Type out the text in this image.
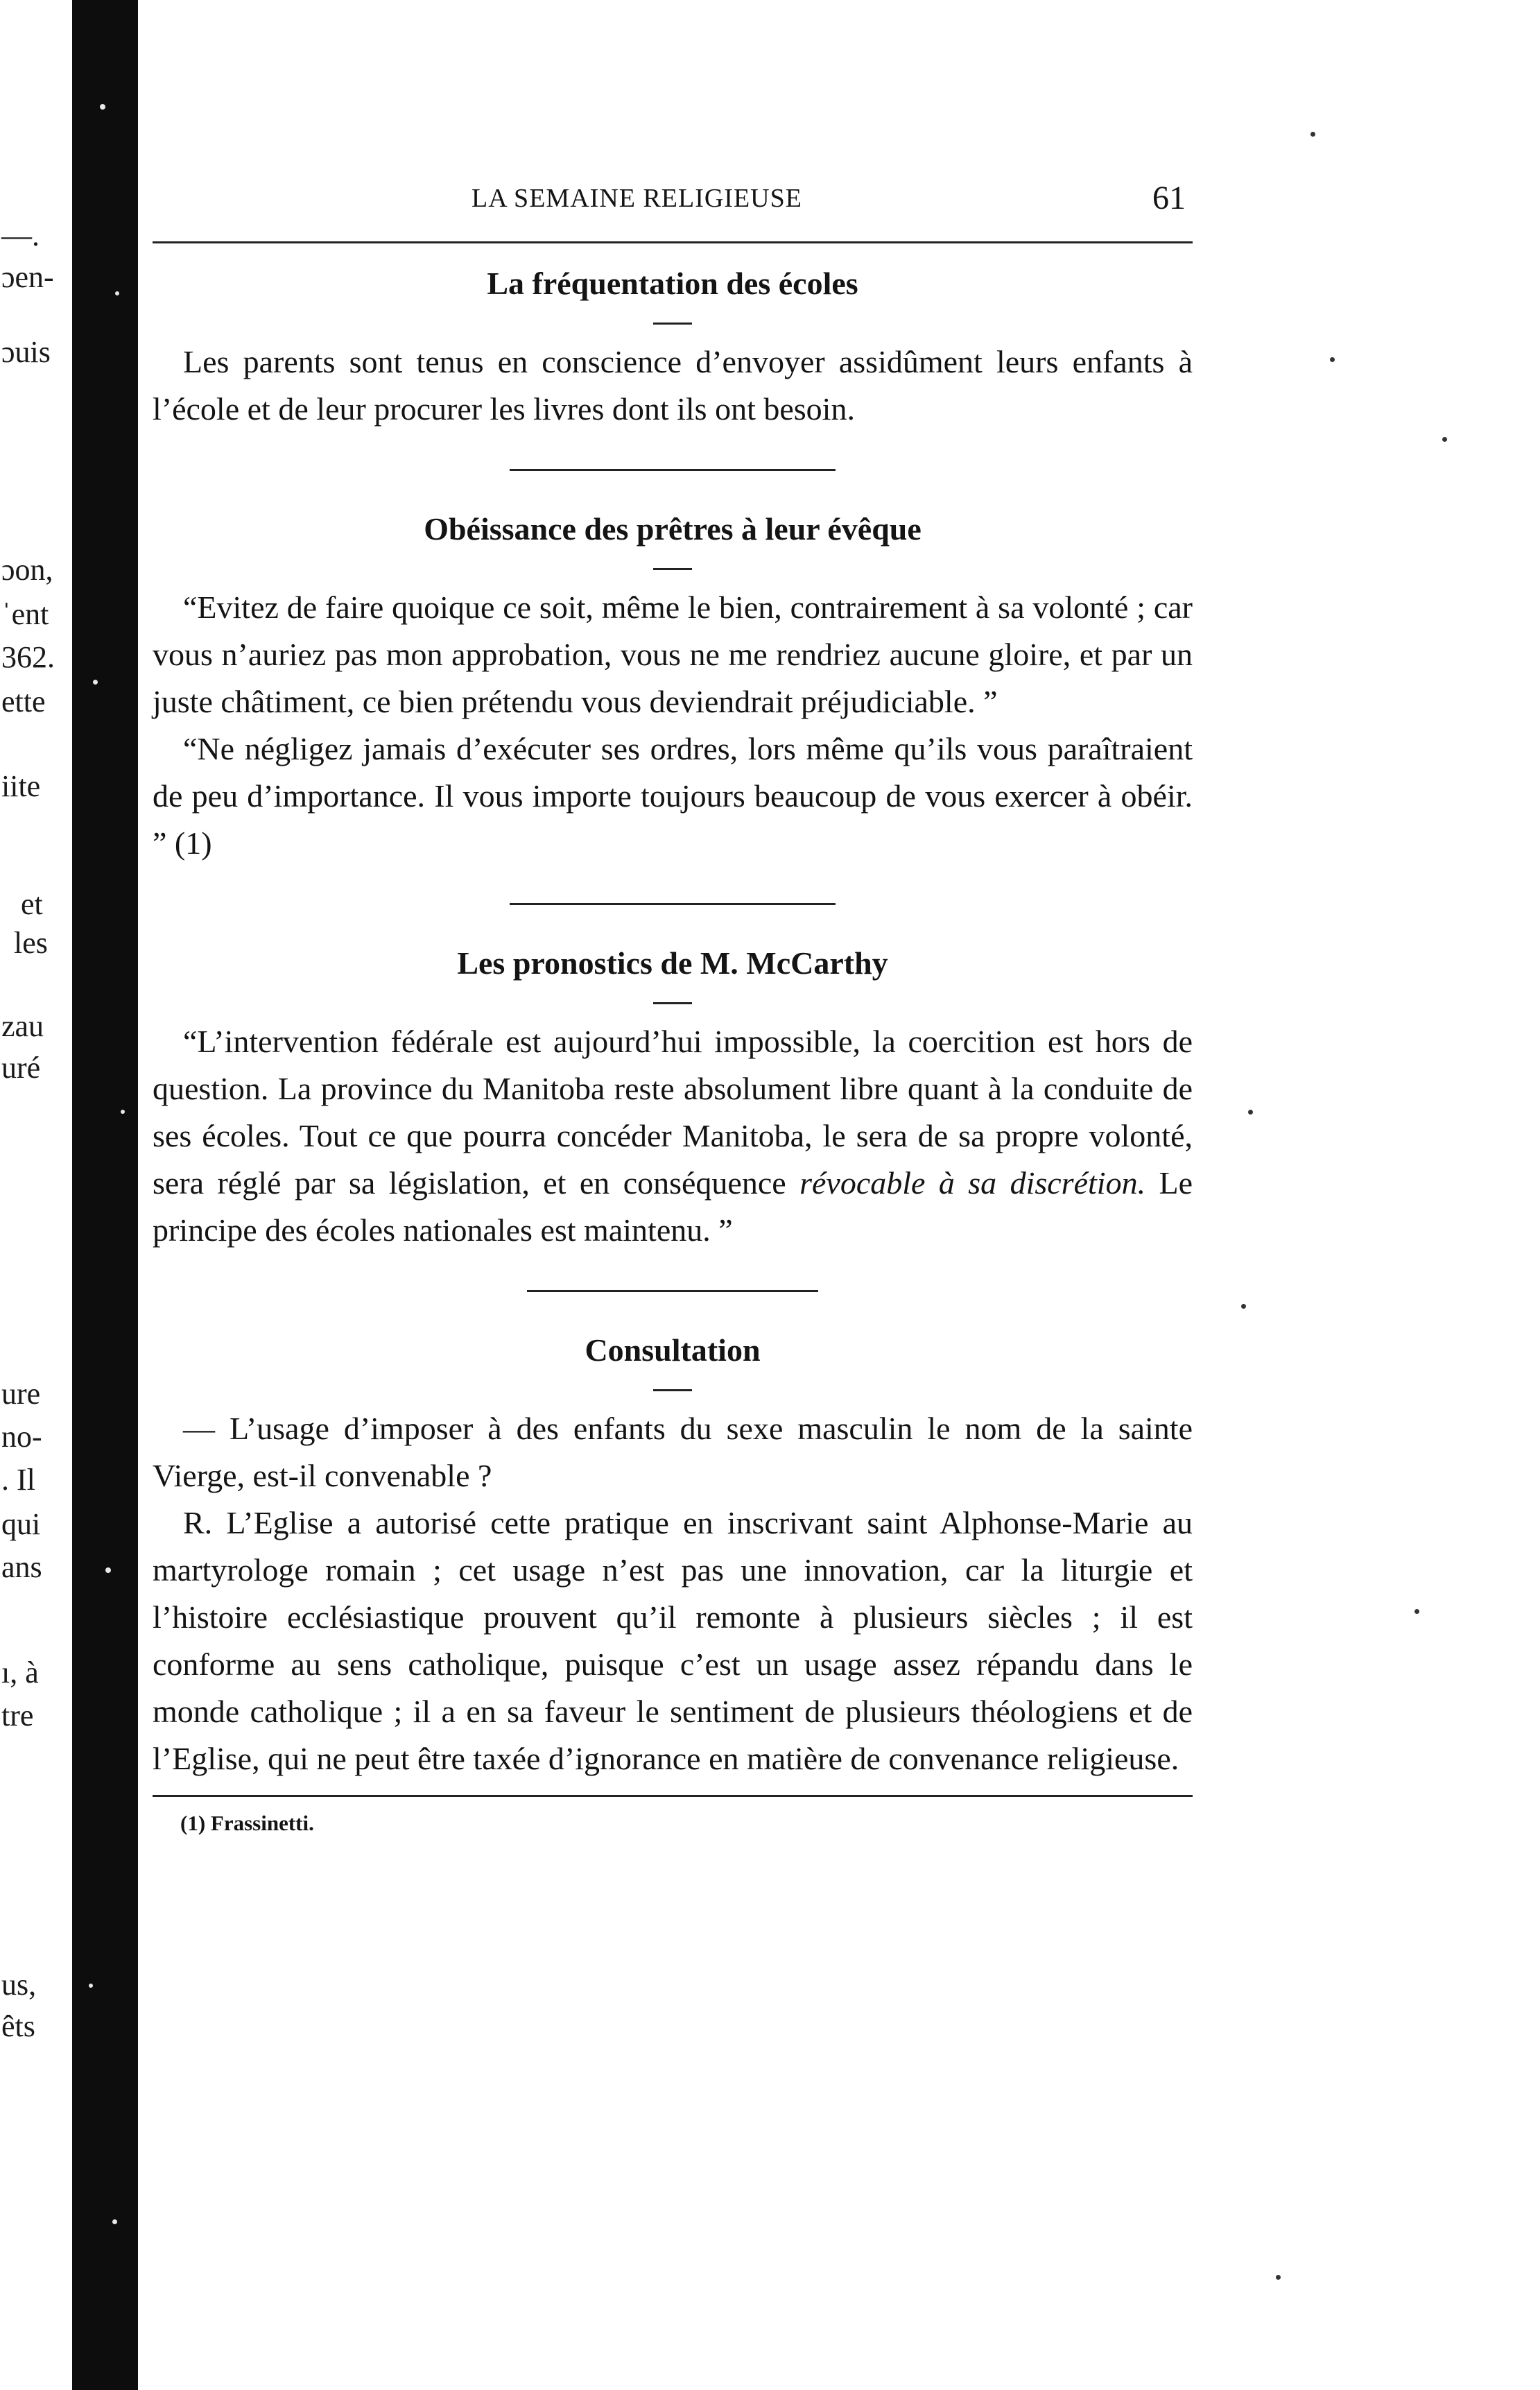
—.
ɔen-
ɔuis
ɔon,
ˈent
362.
ette
iite
et
les
zau
uré
ure
no-
. Il
qui
ans
ı, à
tre
us,
êts
LA SEMAINE RELIGIEUSE	61
La fréquentation des écoles

Les parents sont tenus en conscience d’envoyer assidûment leurs enfants à l’école et de leur procurer les livres dont ils ont besoin.

Obéissance des prêtres à leur évêque

“Evitez de faire quoique ce soit, même le bien, contrairement à sa volonté ; car vous n’auriez pas mon approbation, vous ne me rendriez aucune gloire, et par un juste châtiment, ce bien prétendu vous deviendrait préjudiciable. ”

“Ne négligez jamais d’exécuter ses ordres, lors même qu’ils vous paraîtraient de peu d’importance. Il vous importe toujours beaucoup de vous exercer à obéir. ” (1)

Les pronostics de M. McCarthy

“L’intervention fédérale est aujourd’hui impossible, la coercition est hors de question. La province du Manitoba reste absolument libre quant à la conduite de ses écoles. Tout ce que pourra concéder Manitoba, le sera de sa propre volonté, sera réglé par sa législation, et en conséquence révocable à sa discrétion. Le principe des écoles nationales est maintenu. ”

Consultation

— L’usage d’imposer à des enfants du sexe masculin le nom de la sainte Vierge, est-il convenable ?

R. L’Eglise a autorisé cette pratique en inscrivant saint Alphonse-Marie au martyrologe romain ; cet usage n’est pas une innovation, car la liturgie et l’histoire ecclésiastique prouvent qu’il remonte à plusieurs siècles ; il est conforme au sens catholique, puisque c’est un usage assez répandu dans le monde catholique ; il a en sa faveur le sentiment de plusieurs théologiens et de l’Eglise, qui ne peut être taxée d’ignorance en matière de convenance religieuse.

(1) Frassinetti.
